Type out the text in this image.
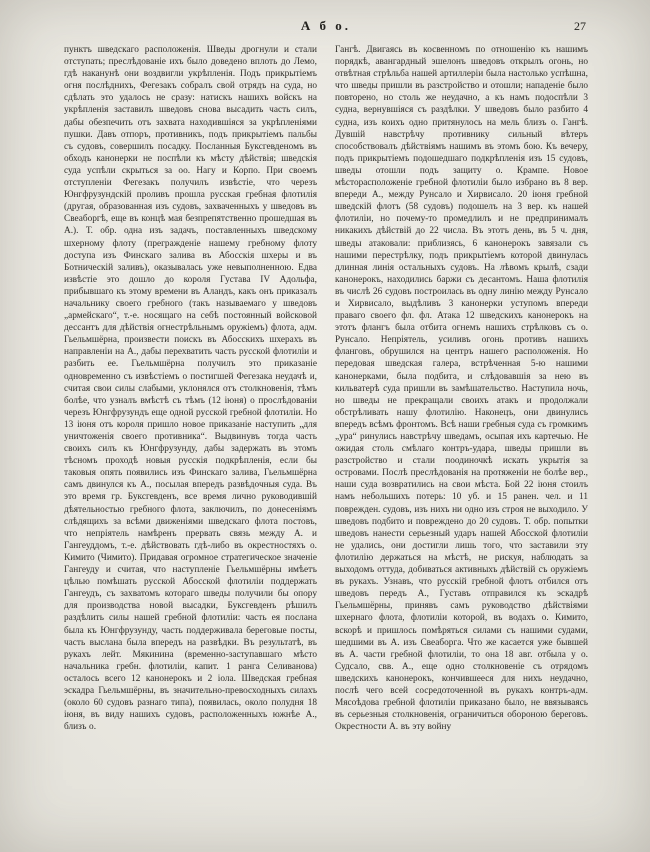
А б о.	27
пунктъ шведскаго расположенія. Шведы дрогнули и стали отступать; преслѣдованіе ихъ было доведено вплоть до Лемо, гдѣ наканунѣ они воздвигли укрѣпленія. Подъ прикрытіемъ огня послѣднихъ, Фегезакъ собралъ свой отрядъ на суда, но сдѣлать это удалось не сразу: натискъ нашихъ войскъ на укрѣпленія заставилъ шведовъ снова высадить часть силъ, дабы обезпечить отъ захвата находившіяся за укрѣпленіями пушки. Давъ отпоръ, противникъ, подъ прикрытіемъ пальбы съ судовъ, совершилъ посадку. Посланныя Буксгевденомъ въ обходъ канонерки не поспѣли къ мѣсту дѣйствія; шведскія суда успѣли скрыться за оо. Нагу и Корпо. При своемъ отступленіи Фегезакъ получилъ извѣстіе, что черезъ Юнгфрузундскій проливъ прошла русская гребная флотилія (другая, образованная изъ судовъ, захваченныхъ у шведовъ въ Свеаборгѣ, еще въ концѣ мая безпрепятственно прошедшая въ А.). Т. обр. одна изъ задачъ, поставленныхъ шведскому шхерному флоту (прегражденіе нашему гребному флоту доступа изъ Финскаго залива въ Абосскія шхеры и въ Ботническій заливъ), оказывалась уже невыполненною. Едва извѣстіе это дошло до короля Густава IV Адольфа, прибывшаго къ этому времени въ Аландъ, какъ онъ приказалъ начальнику своего гребного (такъ называемаго у шведовъ „армейскаго“, т.-е. носящаго на себѣ постоянный войсковой дессантъ для дѣйствія огнестрѣльнымъ оружіемъ) флота, адм. Гьельмшёрна, произвести поискъ въ Абосскихъ шхерахъ въ направленіи на А., дабы перехватить часть русской флотиліи и разбить ее. Гьельмшёрна получилъ это приказаніе одновременно съ извѣстіемъ о постигшей Фегезака неудачѣ и, считая свои силы слабыми, уклонялся отъ столкновенія, тѣмъ болѣе, что узналъ вмѣстѣ съ тѣмъ (12 іюня) о прослѣдованіи черезъ Юнгфрузундъ еще одной русской гребной флотиліи. Но 13 іюня отъ короля пришло новое приказаніе наступить „для уничтоженія своего противника“. Выдвинувъ тогда часть своихъ силъ къ Юнгфрузунду, дабы задержать въ этомъ тѣсномъ проходѣ новыя русскія подкрѣпленія, если бы таковыя опять появились изъ Финскаго залива, Гьельмшёрна самъ двинулся къ А., посылая впередъ развѣдочныя суда. Въ это время гр. Буксгевденъ, все время лично руководившій дѣятельностью гребного флота, заключилъ, по донесеніямъ слѣдящихъ за всѣми движеніями шведскаго флота постовъ, что непріятель намѣренъ прервать связь между А. и Гангеуддомъ, т.-е. дѣйствовать гдѣ-либо въ окрестностяхъ о. Кимито (Чимито). Придавая огромное стратегическое значеніе Гангеуду и считая, что наступленіе Гьельмшёрны имѣетъ цѣлью помѣшать русской Абосской флотиліи поддержать Гангеудъ, съ захватомъ котораго шведы получили бы опору для производства новой высадки, Буксгевденъ рѣшилъ раздѣлить силы нашей гребной флотиліи: часть ея послана была къ Юнгфрузунду, часть поддерживала береговые посты, часть выслана была впередъ на развѣдки. Въ результатѣ, въ рукахъ лейт. Мякинина (временно-заступавшаго мѣсто начальника гребн. флотиліи, капит. 1 ранга Селиванова) осталось всего 12 канонерокъ и 2 іола. Шведская гребная эскадра Гьельмшёрны, въ значительно-превосходныхъ силахъ (около 60 судовъ разнаго типа), появилась, около полудня 18 іюня, въ виду нашихъ судовъ, расположенныхъ южнѣе А., близъ о.
Гангѣ. Двигаясь въ косвенномъ по отношенію къ нашимъ порядкѣ, авангардный эшелонъ шведовъ открылъ огонь, но отвѣтная стрѣльба нашей артиллеріи была настолько успѣшна, что шведы пришли въ разстройство и отошли; нападеніе было повторено, но столь же неудачно, а къ намъ подоспѣли 3 судна, вернувшіяся съ раздѣлки. У шведовъ было разбито 4 судна, изъ коихъ одно притянулось на мель близъ о. Гангѣ. Дувшій навстрѣчу противнику сильный вѣтеръ способствовалъ дѣйствіямъ нашимъ въ этомъ бою. Къ вечеру, подъ прикрытіемъ подошедшаго подкрѣпленія изъ 15 судовъ, шведы отошли подъ защиту о. Крампе. Новое мѣсторасположеніе гребной флотиліи было избрано въ 8 вер. впереди А., между Рунсало и Хирвисало. 20 іюня гребной шведскій флотъ (58 судовъ) подошелъ на 3 вер. къ нашей флотиліи, но почему-то промедлилъ и не предпринималъ никакихъ дѣйствій до 22 числа. Въ этотъ день, въ 5 ч. дня, шведы атаковали: приблизясь, 6 канонерокъ завязали съ нашими перестрѣлку, подъ прикрытіемъ которой двинулась длинная линія остальныхъ судовъ. На лѣвомъ крылѣ, сзади канонерокъ, находились баржи съ десантомъ. Наша флотилія въ числѣ 26 судовъ построилась въ одну линію между Рунсало и Хирвисало, выдѣливъ 3 канонерки уступомъ впереди праваго своего фл. фл. Атака 12 шведскихъ канонерокъ на этотъ флангъ была отбита огнемъ нашихъ стрѣлковъ съ о. Рунсало. Непріятель, усиливъ огонь противъ нашихъ фланговъ, обрушился на центръ нашего расположенія. Но передовая шведская галера, встрѣченная 5-ю нашими канонерками, была подбита, и слѣдовавшія за нею въ кильватерѣ суда пришли въ замѣшательство. Наступила ночь, но шведы не прекращали своихъ атакъ и продолжали обстрѣливать нашу флотилію. Наконецъ, они двинулись впередъ всѣмъ фронтомъ. Всѣ наши гребныя суда съ громкимъ „ура“ ринулись навстрѣчу шведамъ, осыпая ихъ картечью. Не ожидая столь смѣлаго контръ-удара, шведы пришли въ разстройство и стали поодиночкѣ искать укрытія за островами. Послѣ преслѣдованія на протяженіи не болѣе вер., наши суда возвратились на свои мѣста. Бой 22 іюня стоилъ намъ небольшихъ потерь: 10 уб. и 15 ранен. чел. и 11 поврежден. судовъ, изъ нихъ ни одно изъ строя не выходило. У шведовъ подбито и повреждено до 20 судовъ. Т. обр. попытки шведовъ нанести серьезный ударъ нашей Абосской флотиліи не удались, они достигли лишь того, что заставили эту флотилію держаться на мѣстѣ, не рискуя, наблюдать за выходомъ оттуда, добиваться активныхъ дѣйствій съ оружіемъ въ рукахъ. Узнавъ, что русскій гребной флотъ отбился отъ шведовъ передъ А., Густавъ отправился къ эскадрѣ Гьельмшёрны, принявъ самъ руководство дѣйствіями шхернаго флота, флотиліи которой, въ водахъ о. Кимито, вскорѣ и пришлось помѣряться силами съ нашими судами, шедшими въ А. изъ Свеаборга. Что же касается уже бывшей въ А. части гребной флотиліи, то она 18 авг. отбыла у о. Судсало, свв. А., еще одно столкновеніе съ отрядомъ шведскихъ канонерокъ, кончившееся для нихъ неудачно, послѣ чего всей сосредоточенной въ рукахъ контръ-адм. Мясоѣдова гребной флотиліи приказано было, не ввязываясь въ серьезныя столкновенія, ограничиться обороною береговъ. Окрестности А. въ эту войну
